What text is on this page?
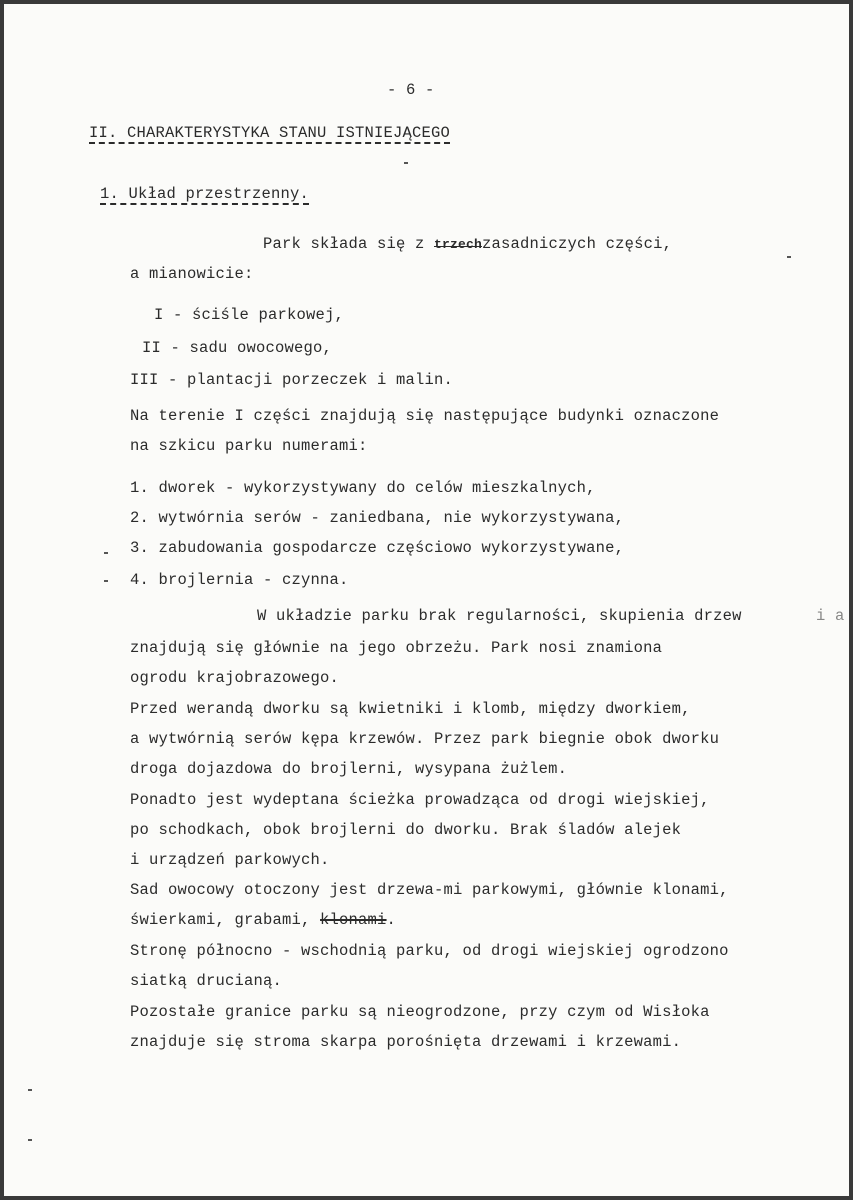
- 6 -
II. CHARAKTERYSTYKA STANU ISTNIEJĄCEGO
1. Układ przestrzenny.
Park składa się z trzechzasadniczych części,
a mianowicie:
I - ściśle parkowej,
II - sadu owocowego,
III - plantacji porzeczek i malin.
Na terenie I części znajdują się następujące budynki oznaczone
na szkicu parku numerami:
1. dworek - wykorzystywany do celów mieszkalnych,
2. wytwórnia serów - zaniedbana, nie wykorzystywana,
3. zabudowania gospodarcze częściowo wykorzystywane,
4. brojlernia - czynna.
W układzie parku brak regularności, skupienia drzew	i a
znajdują się głównie na jego obrzeżu. Park nosi znamiona
ogrodu krajobrazowego.
Przed werandą dworku są kwietniki i klomb, między dworkiem,
a wytwórnią serów kępa krzewów. Przez park biegnie obok dworku
droga dojazdowa do brojlerni, wysypana żużlem.
Ponadto jest wydeptana ścieżka prowadząca od drogi wiejskiej,
po schodkach, obok brojlerni do dworku. Brak śladów alejek
i urządzeń parkowych.
Sad owocowy otoczony jest drzewa-mi parkowymi, głównie klonami,
świerkami, grabami, klonami.
Stronę północno - wschodnią parku, od drogi wiejskiej ogrodzono
siatką drucianą.
Pozostałe granice parku są nieogrodzone, przy czym od Wisłoka
znajduje się stroma skarpa porośnięta drzewami i krzewami.
